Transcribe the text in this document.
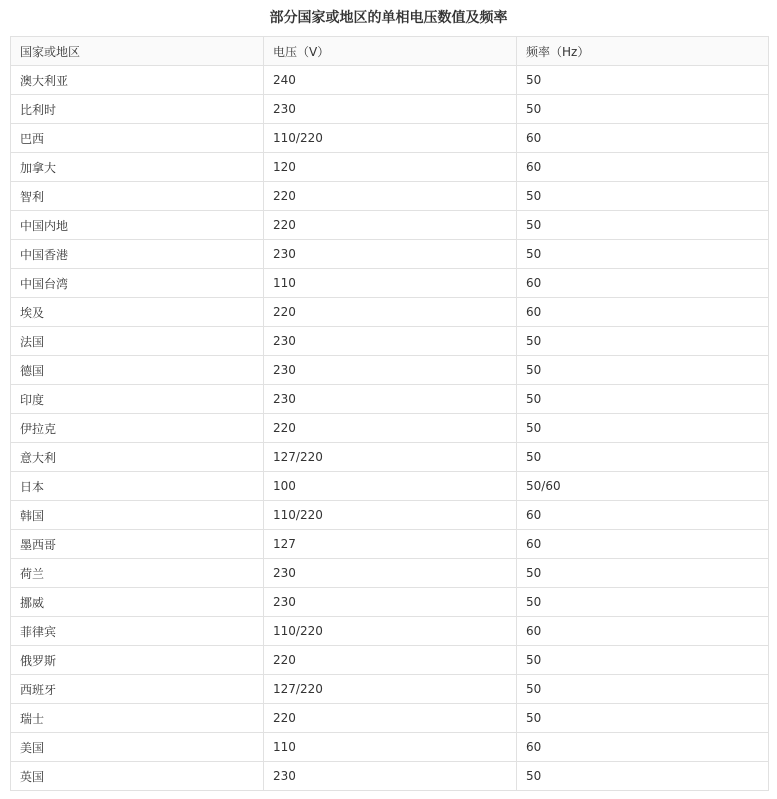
部分国家或地区的单相电压数值及频率
国家或地区	电压（V）	频率（Hz）
澳大利亚	240	50
比利时	230	50
巴西	110/220	60
加拿大	120	60
智利	220	50
中国内地	220	50
中国香港	230	50
中国台湾	110	60
埃及	220	60
法国	230	50
德国	230	50
印度	230	50
伊拉克	220	50
意大利	127/220	50
日本	100	50/60
韩国	110/220	60
墨西哥	127	60
荷兰	230	50
挪威	230	50
菲律宾	110/220	60
俄罗斯	220	50
西班牙	127/220	50
瑞士	220	50
美国	110	60
英国	230	50
